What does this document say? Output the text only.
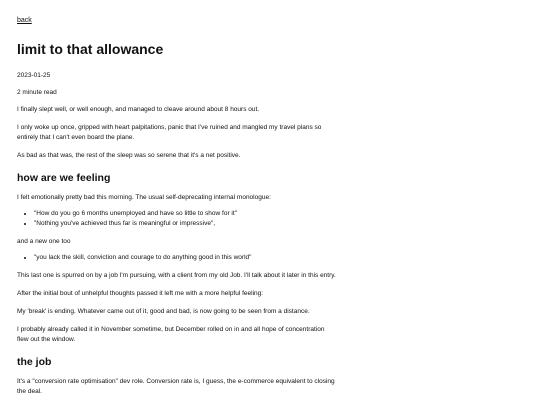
back
limit to that allowance
2023-01-25
2 minute read

I finally slept well, or well enough, and managed to cleave around about 8 hours out.

I only woke up once, gripped with heart palpitations, panic that I've ruined and mangled my travel plans so entirely that I can't even board the plane.

As bad as that was, the rest of the sleep was so serene that it's a net positive.

how are we feeling

I felt emotionally pretty bad this morning. The usual self-deprecating internal monologue:

• "How do you go 6 months unemployed and have so little to show for it"
• "Nothing you've achieved thus far is meaningful or impressive",

and a new one too

• "you lack the skill, conviction and courage to do anything good in this world"

This last one is spurred on by a job I'm pursuing, with a client from my old Job. I'll talk about it later in this entry.

After the initial bout of unhelpful thoughts passed it left me with a more helpful feeling:

My 'break' is ending. Whatever came out of it, good and bad, is now going to be seen from a distance.

I probably already called it in November sometime, but December rolled on in and all hope of concentration flew out the window.

the job

It's a "conversion rate optimisation" dev role. Conversion rate is, I guess, the e-commerce equivalent to closing the deal.
